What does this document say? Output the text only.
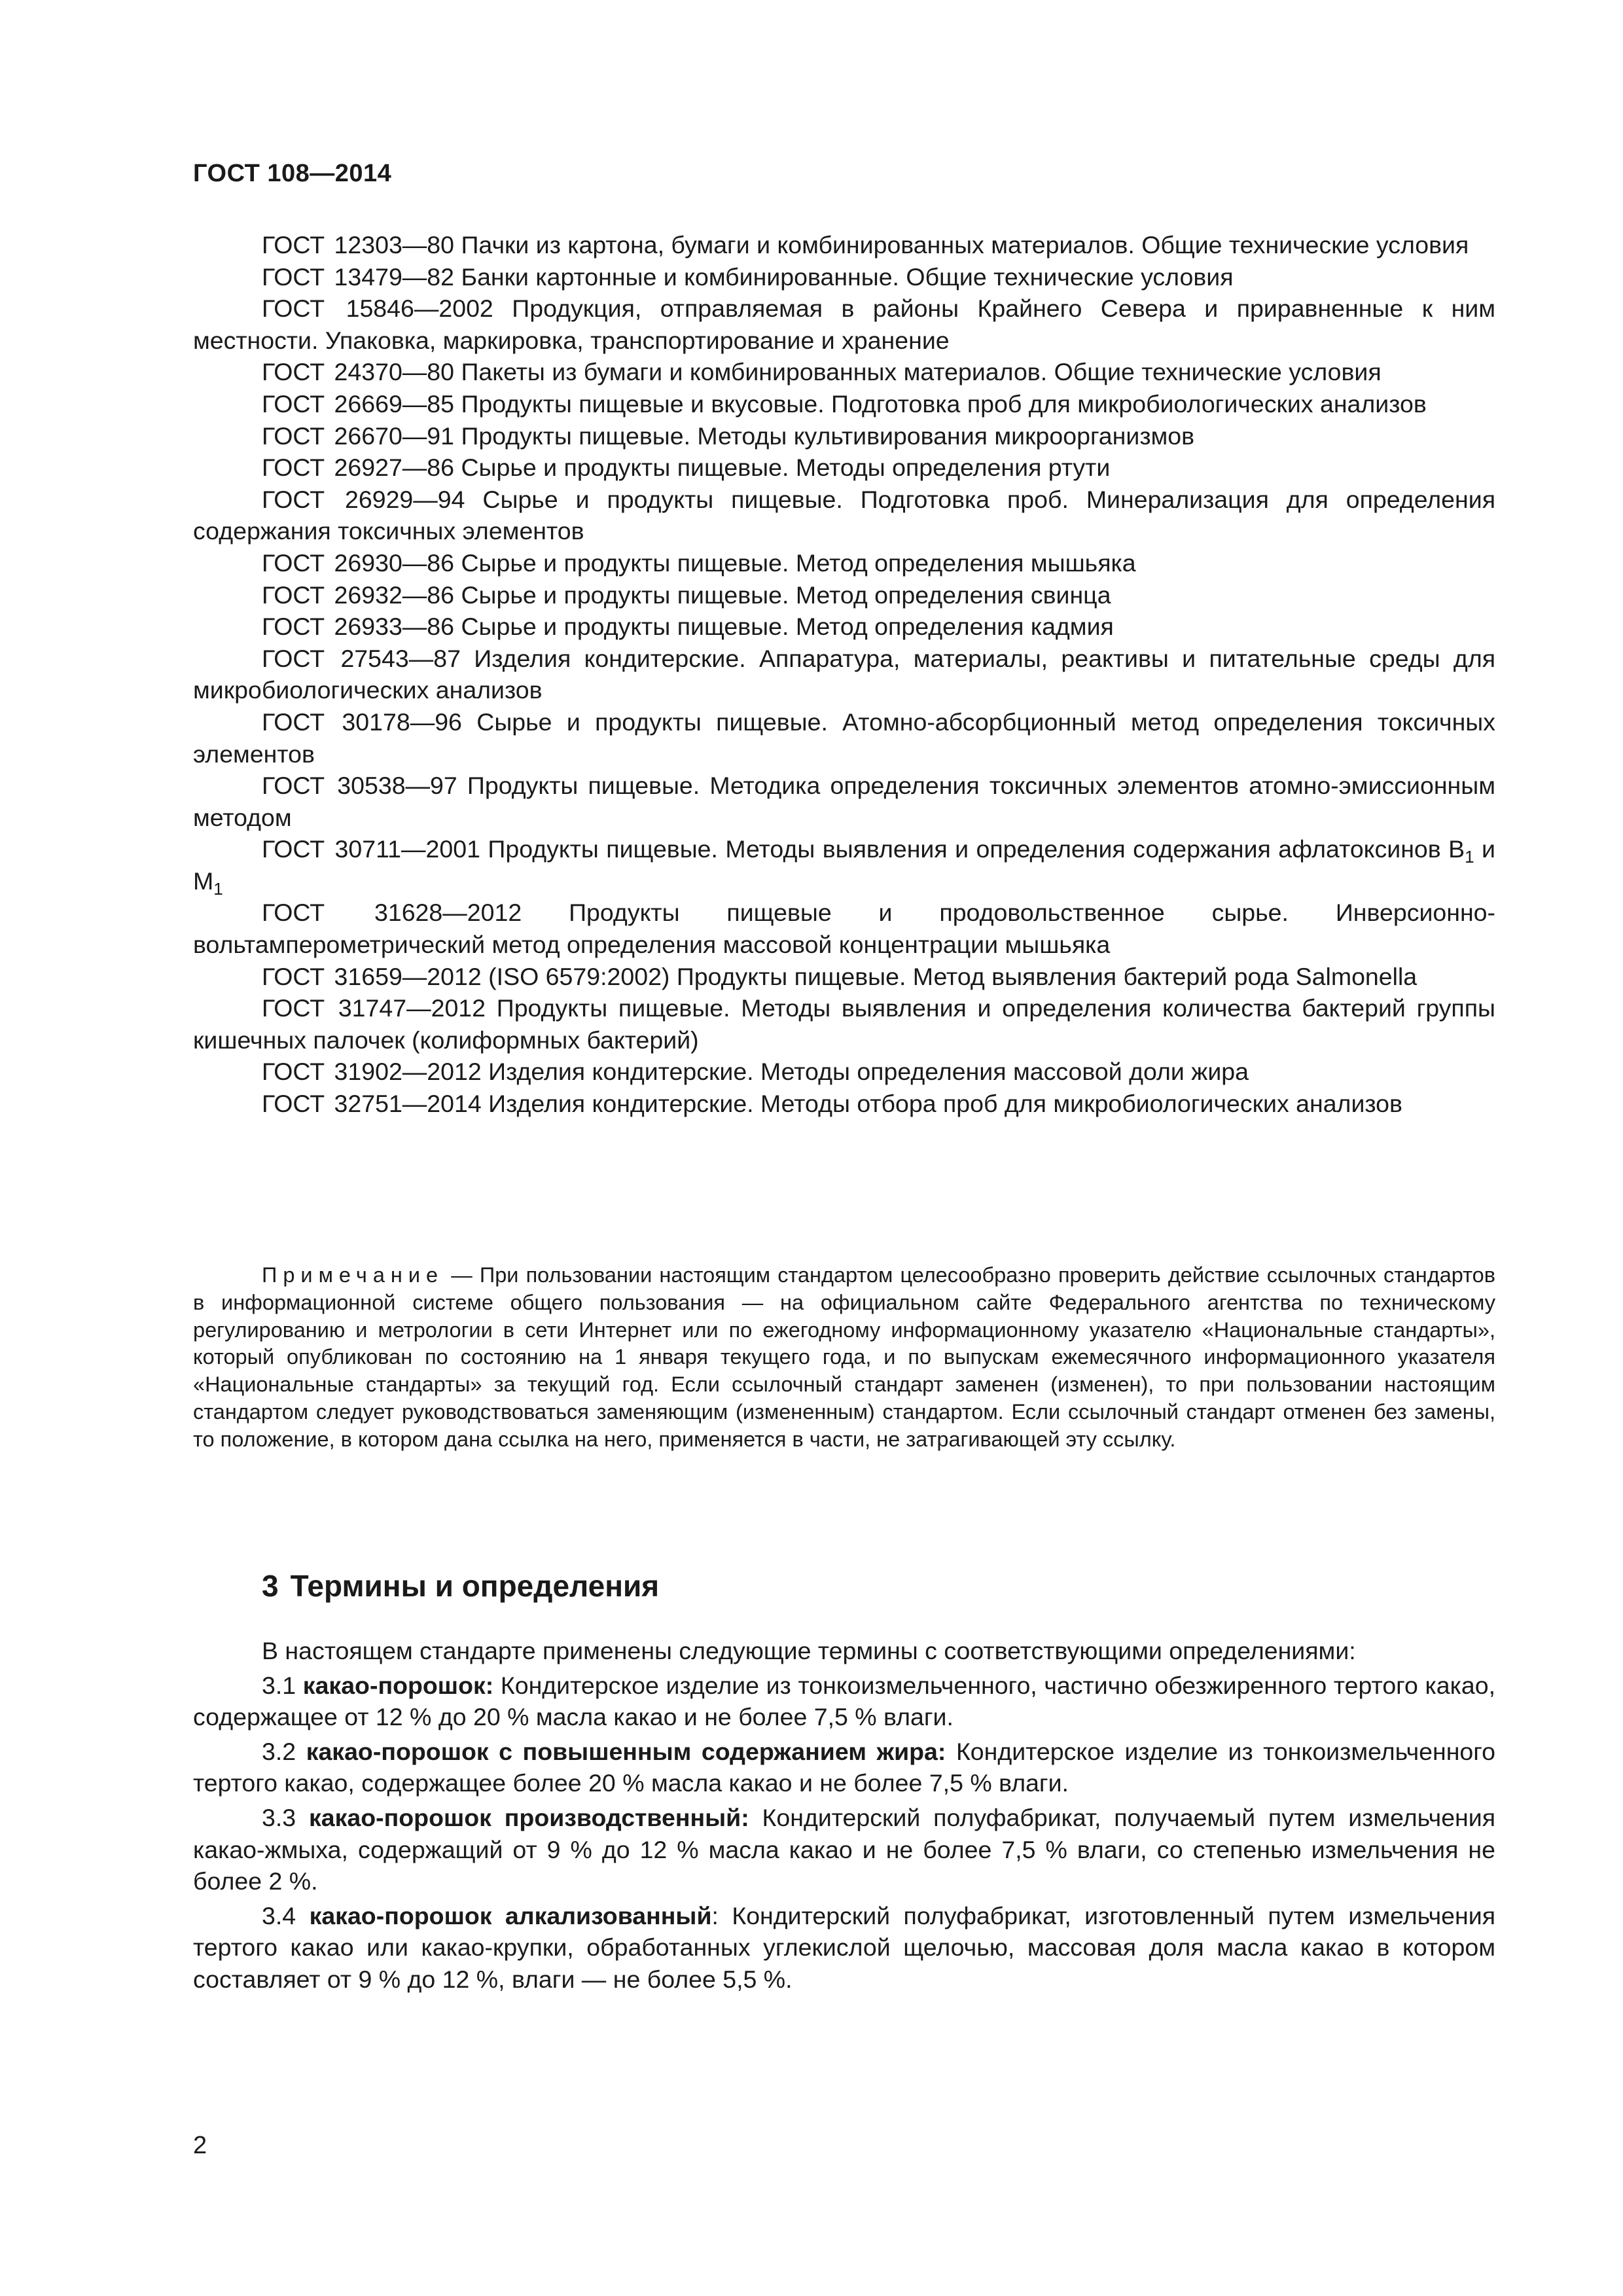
ГОСТ 108—2014

ГОСТ 12303—80 Пачки из картона, бумаги и комбинированных материалов. Общие технические условия

ГОСТ 13479—82 Банки картонные и комбинированные. Общие технические условия

ГОСТ 15846—2002 Продукция, отправляемая в районы Крайнего Севера и приравненные к ним местности. Упаковка, маркировка, транспортирование и хранение

ГОСТ 24370—80 Пакеты из бумаги и комбинированных материалов. Общие технические условия

ГОСТ 26669—85 Продукты пищевые и вкусовые. Подготовка проб для микробиологических анализов

ГОСТ 26670—91 Продукты пищевые. Методы культивирования микроорганизмов

ГОСТ 26927—86 Сырье и продукты пищевые. Методы определения ртути

ГОСТ 26929—94 Сырье и продукты пищевые. Подготовка проб. Минерализация для определения содержания токсичных элементов

ГОСТ 26930—86 Сырье и продукты пищевые. Метод определения мышьяка

ГОСТ 26932—86 Сырье и продукты пищевые. Метод определения свинца

ГОСТ 26933—86 Сырье и продукты пищевые. Метод определения кадмия

ГОСТ 27543—87 Изделия кондитерские. Аппаратура, материалы, реактивы и питательные среды для микробиологических анализов

ГОСТ 30178—96 Сырье и продукты пищевые. Атомно-абсорбционный метод определения токсичных элементов

ГОСТ 30538—97 Продукты пищевые. Методика определения токсичных элементов атомно-эмиссионным методом

ГОСТ 30711—2001 Продукты пищевые. Методы выявления и определения содержания афлатоксинов $B_1$ и $M_1$

ГОСТ 31628—2012 Продукты пищевые и продовольственное сырье. Инверсионно-вольтамперометрический метод определения массовой концентрации мышьяка

ГОСТ 31659—2012 (ISO 6579:2002) Продукты пищевые. Метод выявления бактерий рода Salmonella

ГОСТ 31747—2012 Продукты пищевые. Методы выявления и определения количества бактерий группы кишечных палочек (колиформных бактерий)

ГОСТ 31902—2012 Изделия кондитерские. Методы определения массовой доли жира

ГОСТ 32751—2014 Изделия кондитерские. Методы отбора проб для микробиологических анализов

Примечание — При пользовании настоящим стандартом целесообразно проверить действие ссылочных стандартов в информационной системе общего пользования — на официальном сайте Федерального агентства по техническому регулированию и метрологии в сети Интернет или по ежегодному информационному указателю «Национальные стандарты», который опубликован по состоянию на 1 января текущего года, и по выпускам ежемесячного информационного указателя «Национальные стандарты» за текущий год. Если ссылочный стандарт заменен (изменен), то при пользовании настоящим стандартом следует руководствоваться заменяющим (измененным) стандартом. Если ссылочный стандарт отменен без замены, то положение, в котором дана ссылка на него, применяется в части, не затрагивающей эту ссылку.

3 Термины и определения

В настоящем стандарте применены следующие термины с соответствующими определениями:

3.1 какао-порошок: Кондитерское изделие из тонкоизмельченного, частично обезжиренного тертого какао, содержащее от 12 % до 20 % масла какао и не более 7,5 % влаги.

3.2 какао-порошок с повышенным содержанием жира: Кондитерское изделие из тонкоизмельченного тертого какао, содержащее более 20 % масла какао и не более 7,5 % влаги.

3.3 какао-порошок производственный: Кондитерский полуфабрикат, получаемый путем измельчения какао-жмыха, содержащий от 9 % до 12 % масла какао и не более 7,5 % влаги, со степенью измельчения не более 2 %.

3.4 какао-порошок алкализованный: Кондитерский полуфабрикат, изготовленный путем измельчения тертого какао или какао-крупки, обработанных углекислой щелочью, массовая доля масла какао в котором составляет от 9 % до 12 %, влаги — не более 5,5 %.

2
